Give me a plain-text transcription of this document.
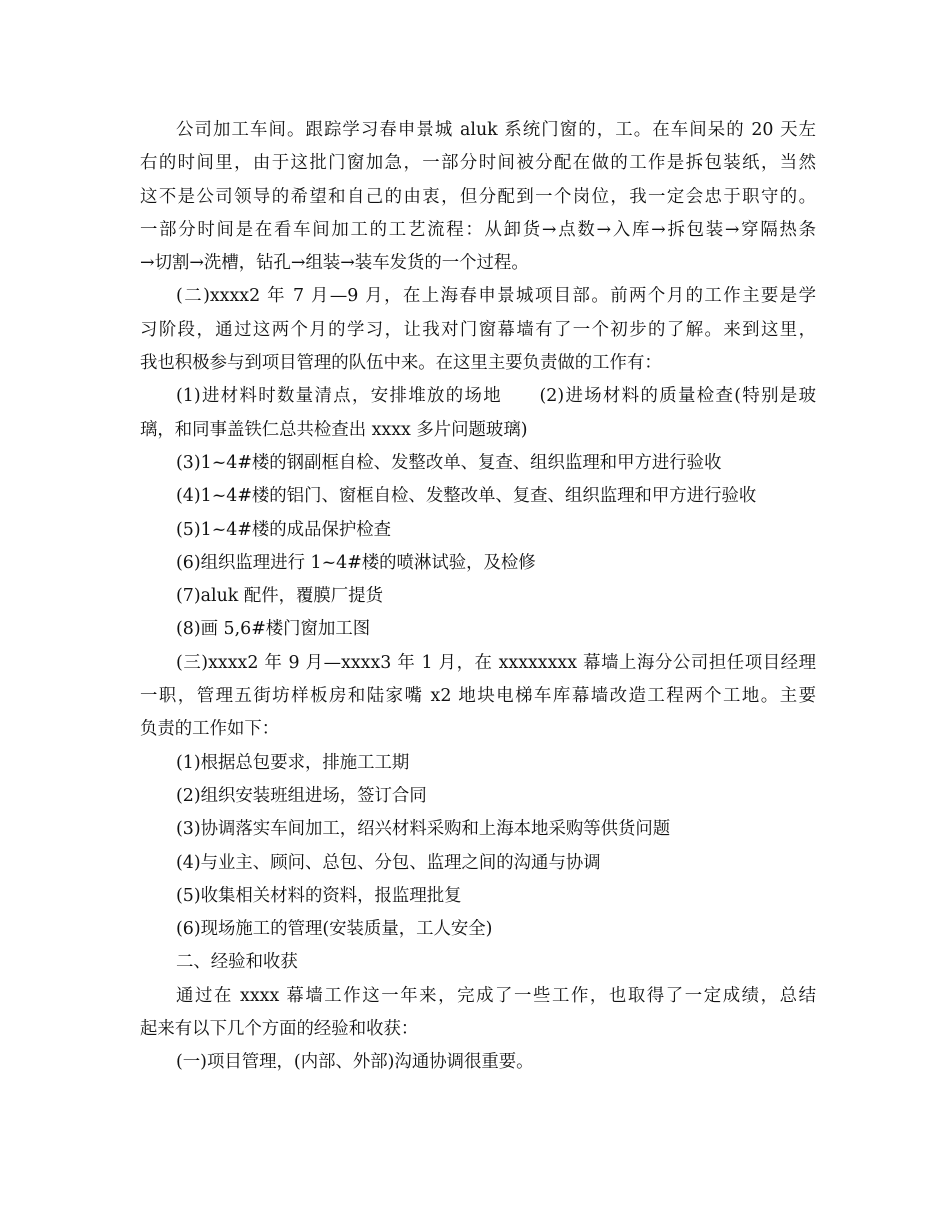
公司加工车间。跟踪学习春申景城 aluk 系统门窗的，工。在车间呆的 20 天左
右的时间里，由于这批门窗加急，一部分时间被分配在做的工作是拆包装纸，当然
这不是公司领导的希望和自己的由衷，但分配到一个岗位，我一定会忠于职守的。
一部分时间是在看车间加工的工艺流程：从卸货→点数→入库→拆包装→穿隔热条
→切割→洗槽，钻孔→组装→装车发货的一个过程。
(二)xxxx2 年 7 月—9 月，在上海春申景城项目部。前两个月的工作主要是学
习阶段，通过这两个月的学习，让我对门窗幕墙有了一个初步的了解。来到这里，
我也积极参与到项目管理的队伍中来。在这里主要负责做的工作有：
(1)进材料时数量清点，安排堆放的场地　　(2)进场材料的质量检查(特别是玻
璃，和同事盖铁仁总共检查出 xxxx 多片问题玻璃)
(3)1~4#楼的钢副框自检、发整改单、复查、组织监理和甲方进行验收
(4)1~4#楼的铝门、窗框自检、发整改单、复查、组织监理和甲方进行验收
(5)1~4#楼的成品保护检查
(6)组织监理进行 1~4#楼的喷淋试验，及检修
(7)aluk 配件，覆膜厂提货
(8)画 5,6#楼门窗加工图
(三)xxxx2 年 9 月—xxxx3 年 1 月，在 xxxxxxxx 幕墙上海分公司担任项目经理
一职，管理五街坊样板房和陆家嘴 x2 地块电梯车库幕墙改造工程两个工地。主要
负责的工作如下：
(1)根据总包要求，排施工工期
(2)组织安装班组进场，签订合同
(3)协调落实车间加工，绍兴材料采购和上海本地采购等供货问题
(4)与业主、顾问、总包、分包、监理之间的沟通与协调
(5)收集相关材料的资料，报监理批复
(6)现场施工的管理(安装质量，工人安全)
二、经验和收获
通过在 xxxx 幕墙工作这一年来，完成了一些工作，也取得了一定成绩，总结
起来有以下几个方面的经验和收获：
(一)项目管理，(内部、外部)沟通协调很重要。
